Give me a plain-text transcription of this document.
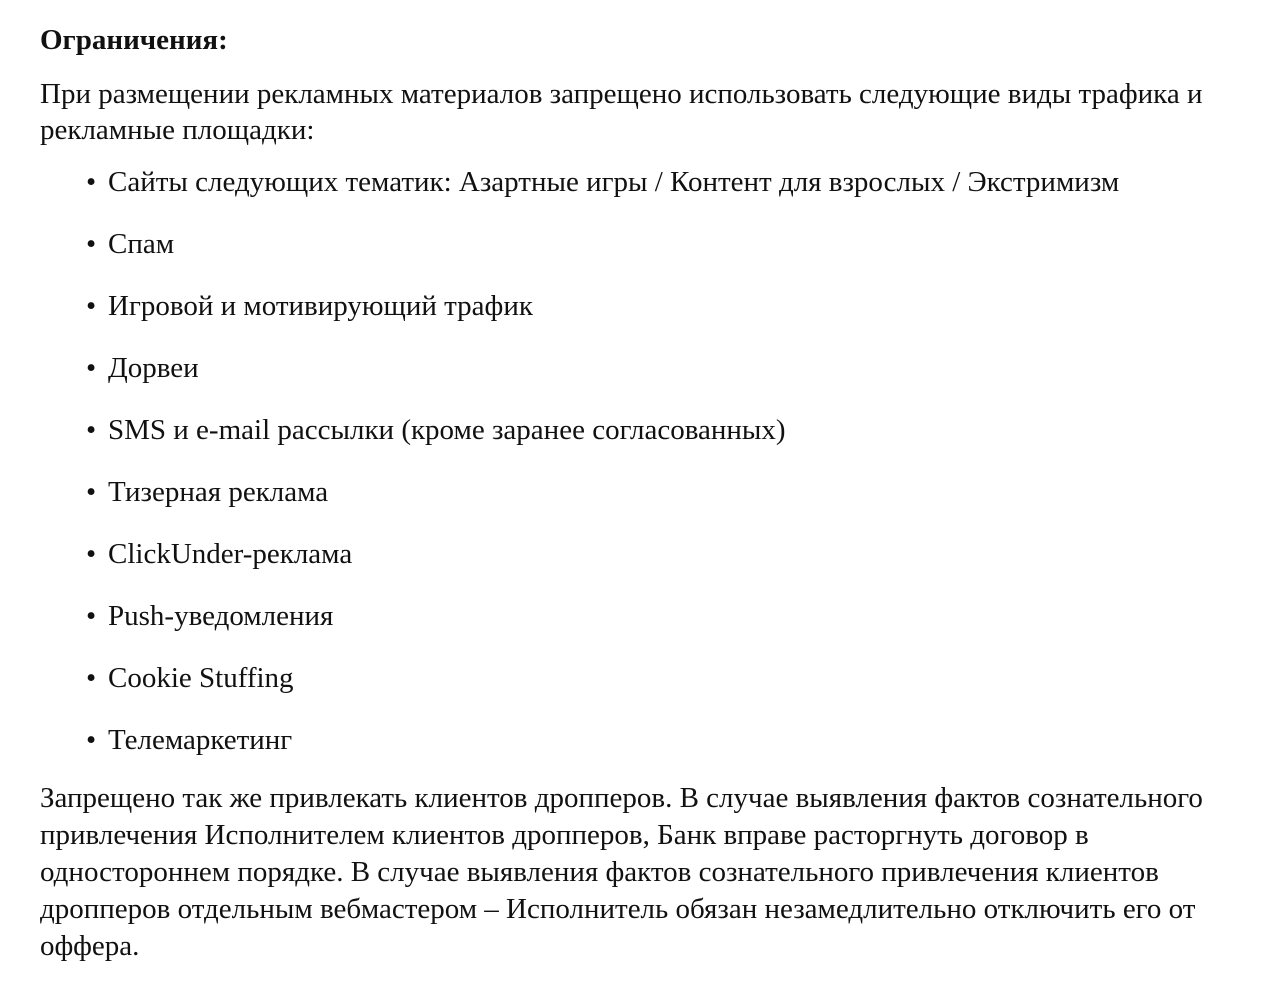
Ограничения:

При размещении рекламных материалов запрещено использовать следующие виды трафика и рекламные площадки:

• Сайты следующих тематик: Азартные игры / Контент для взрослых / Экстримизм
• Спам
• Игровой и мотивирующий трафик
• Дорвеи
• SMS и e-mail рассылки (кроме заранее согласованных)
• Тизерная реклама
• ClickUnder-реклама
• Push-уведомления
• Cookie Stuffing
• Телемаркетинг

Запрещено так же привлекать клиентов дропперов. В случае выявления фактов сознательного привлечения Исполнителем клиентов дропперов, Банк вправе расторгнуть договор в одностороннем порядке. В случае выявления фактов сознательного привлечения клиентов дропперов отдельным вебмастером – Исполнитель обязан незамедлительно отключить его от оффера.
